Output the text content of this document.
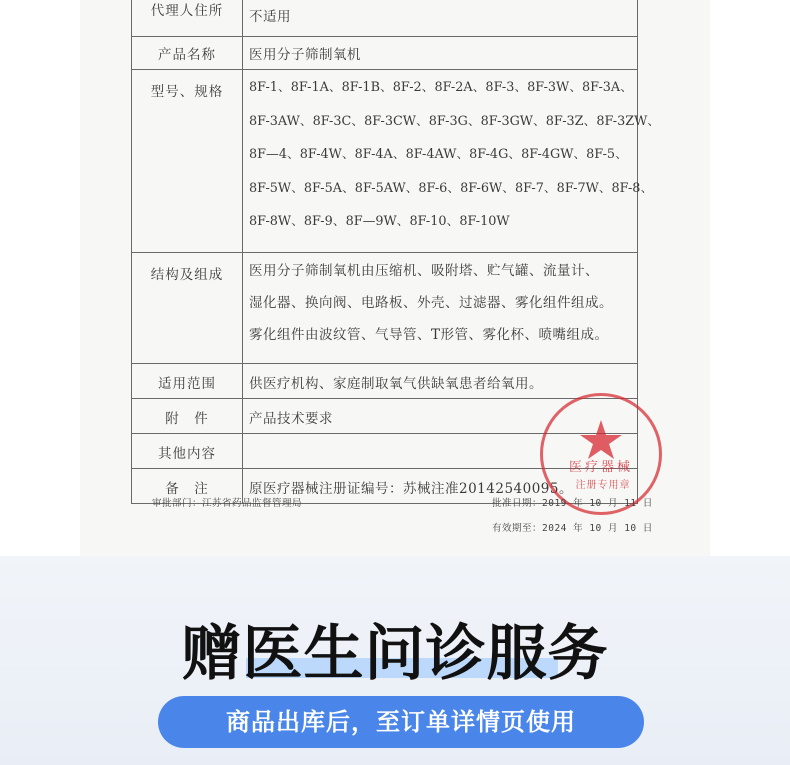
代理人住所	不适用
产品名称	医用分子筛制氧机
型号、规格	8F-1、8F-1A、8F-1B、8F-2、8F-2A、8F-3、8F-3W、8F-3A、
8F-3AW、8F-3C、8F-3CW、8F-3G、8F-3GW、8F-3Z、8F-3ZW、
8F—4、8F-4W、8F-4A、8F-4AW、8F-4G、8F-4GW、8F-5、
8F-5W、8F-5A、8F-5AW、8F-6、8F-6W、8F-7、8F-7W、8F-8、
8F-8W、8F-9、8F—9W、8F-10、8F-10W

结构及组成	医用分子筛制氧机由压缩机、吸附塔、贮气罐、流量计、
湿化器、换向阀、电路板、外壳、过滤器、雾化组件组成。
雾化组件由波纹管、气导管、T形管、雾化杯、喷嘴组成。

适用范围	供医疗机构、家庭制取氧气供缺氧患者给氧用。
附　件	产品技术要求
其他内容	
备　注	原医疗器械注册证编号：苏械注准20142540095。
医疗器械
注册专用章
审批部门：江苏省药品监督管理局	批准日期：2019 年 10 月 11 日
有效期至：2024 年 10 月 10 日
赠医生问诊服务
商品出库后，至订单详情页使用
